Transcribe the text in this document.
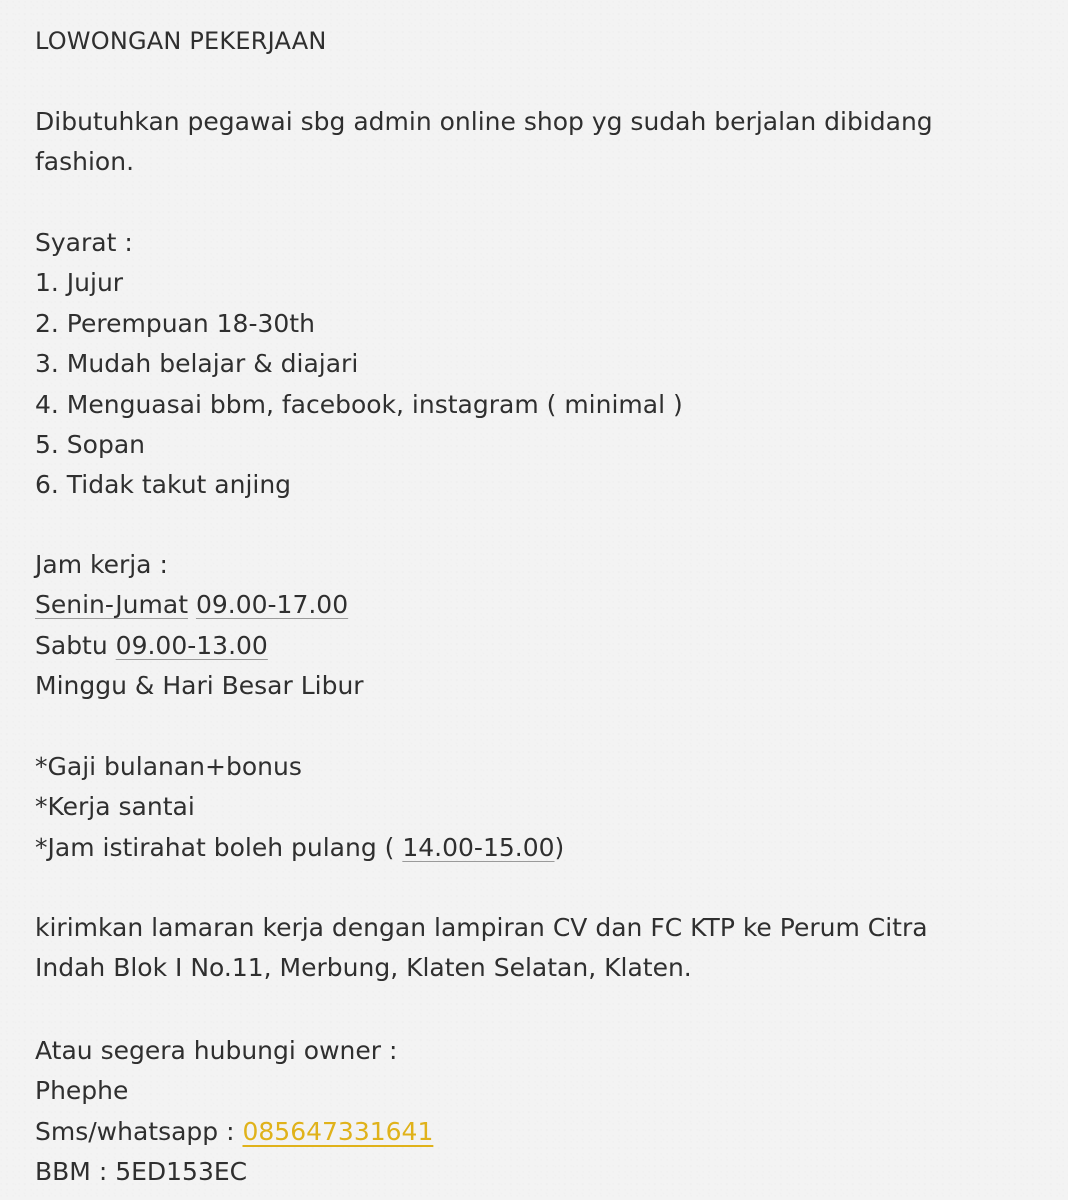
LOWONGAN PEKERJAAN
Dibutuhkan pegawai sbg admin online shop yg sudah berjalan dibidang
fashion.
Syarat :
1. Jujur
2. Perempuan 18-30th
3. Mudah belajar & diajari
4. Menguasai bbm, facebook, instagram ( minimal )
5. Sopan
6. Tidak takut anjing
Jam kerja :
Senin-Jumat 09.00-17.00
Sabtu 09.00-13.00
Minggu & Hari Besar Libur
*Gaji bulanan+bonus
*Kerja santai
*Jam istirahat boleh pulang ( 14.00-15.00)
kirimkan lamaran kerja dengan lampiran CV dan FC KTP ke Perum Citra
Indah Blok I No.11, Merbung, Klaten Selatan, Klaten.
Atau segera hubungi owner :
Phephe
Sms/whatsapp : 085647331641
BBM : 5ED153EC
